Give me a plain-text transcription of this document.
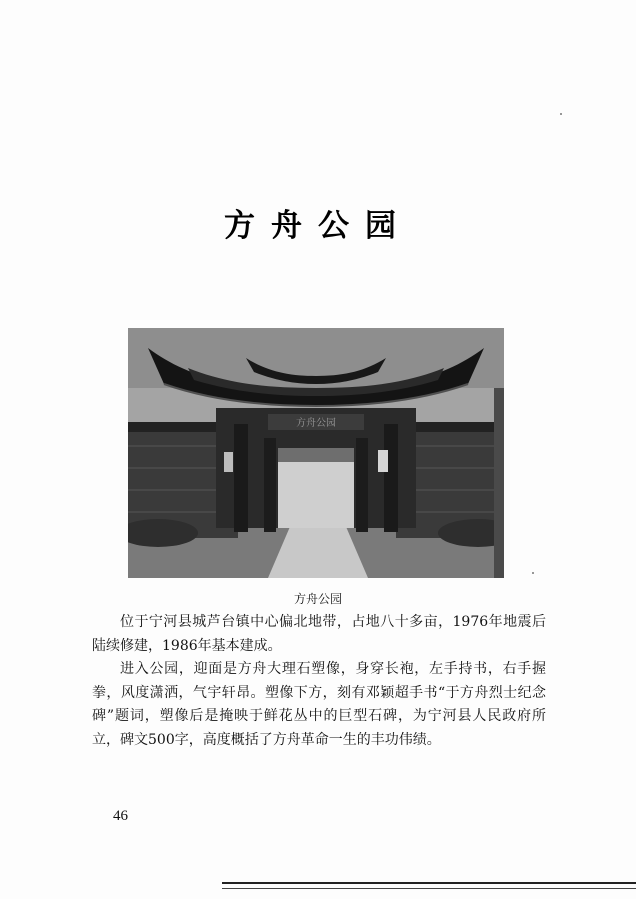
方舟公园
方舟公园
方舟公园

位于宁河县城芦台镇中心偏北地带，占地八十多亩，1976年地震后陆续修建，1986年基本建成。

进入公园，迎面是方舟大理石塑像，身穿长袍，左手持书，右手握拳，风度潇洒，气宇轩昂。塑像下方，刻有邓颖超手书“于方舟烈士纪念碑”题词，塑像后是掩映于鲜花丛中的巨型石碑，为宁河县人民政府所立，碑文500字，高度概括了方舟革命一生的丰功伟绩。

46
